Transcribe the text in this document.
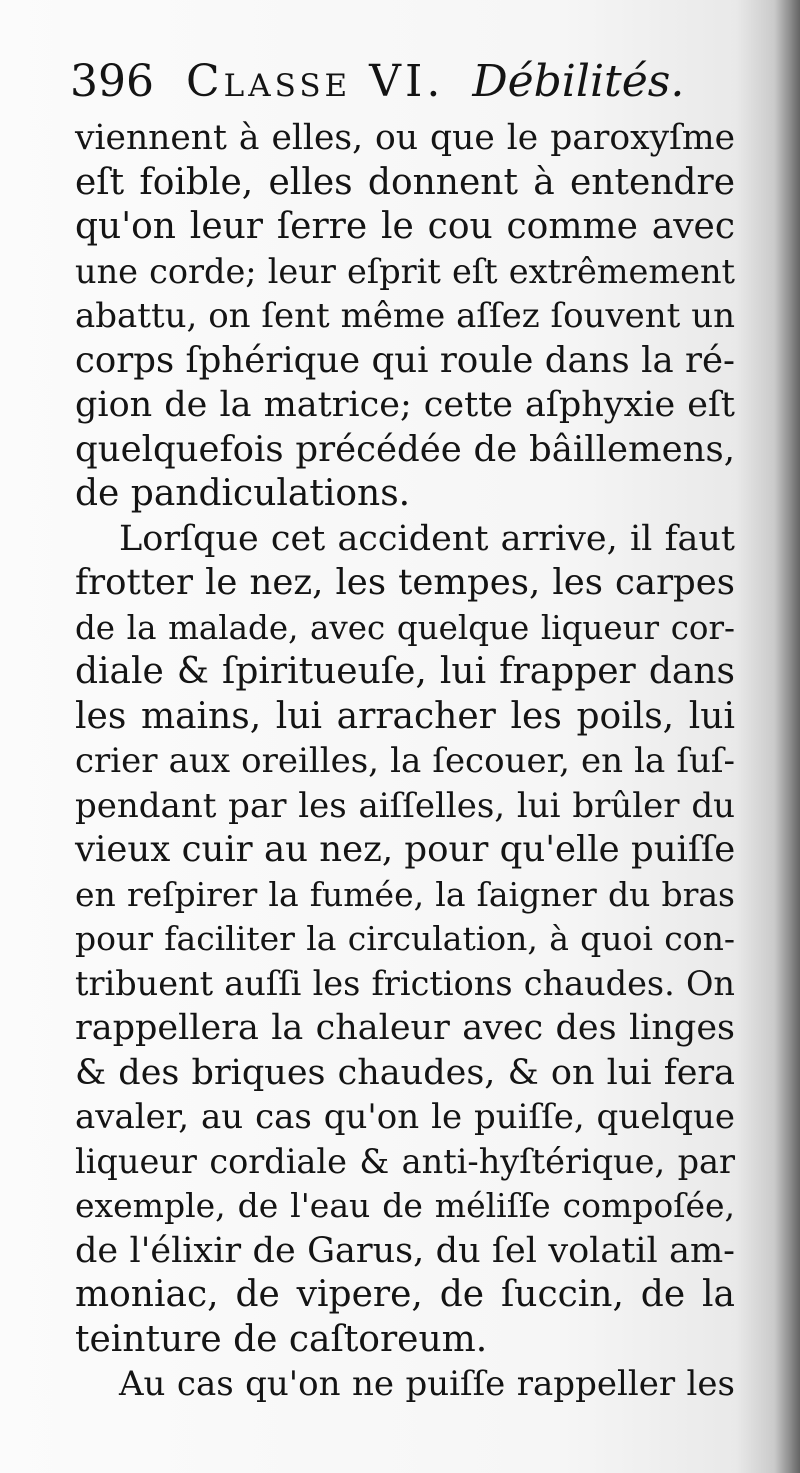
396 Classe VI. Débilités.
viennent à elles, ou que le paroxyſme
eſt foible, elles donnent à entendre
qu'on leur ſerre le cou comme avec
une corde; leur eſprit eſt extrêmement
abattu, on ſent même aſſez ſouvent un
corps ſphérique qui roule dans la ré-
gion de la matrice; cette aſphyxie eſt
quelquefois précédée de bâillemens,
de pandiculations.
Lorſque cet accident arrive, il faut
frotter le nez, les tempes, les carpes
de la malade, avec quelque liqueur cor-
diale & ſpiritueuſe, lui frapper dans
les mains, lui arracher les poils, lui
crier aux oreilles, la ſecouer, en la ſuſ-
pendant par les aiſſelles, lui brûler du
vieux cuir au nez, pour qu'elle puiſſe
en reſpirer la fumée, la ſaigner du bras
pour faciliter la circulation, à quoi con-
tribuent auſſi les frictions chaudes. On
rappellera la chaleur avec des linges
& des briques chaudes, & on lui fera
avaler, au cas qu'on le puiſſe, quelque
liqueur cordiale & anti-hyſtérique, par
exemple, de l'eau de méliſſe compoſée,
de l'élixir de Garus, du ſel volatil am-
moniac, de vipere, de ſuccin, de la
teinture de caſtoreum.
Au cas qu'on ne puiſſe rappeller les
